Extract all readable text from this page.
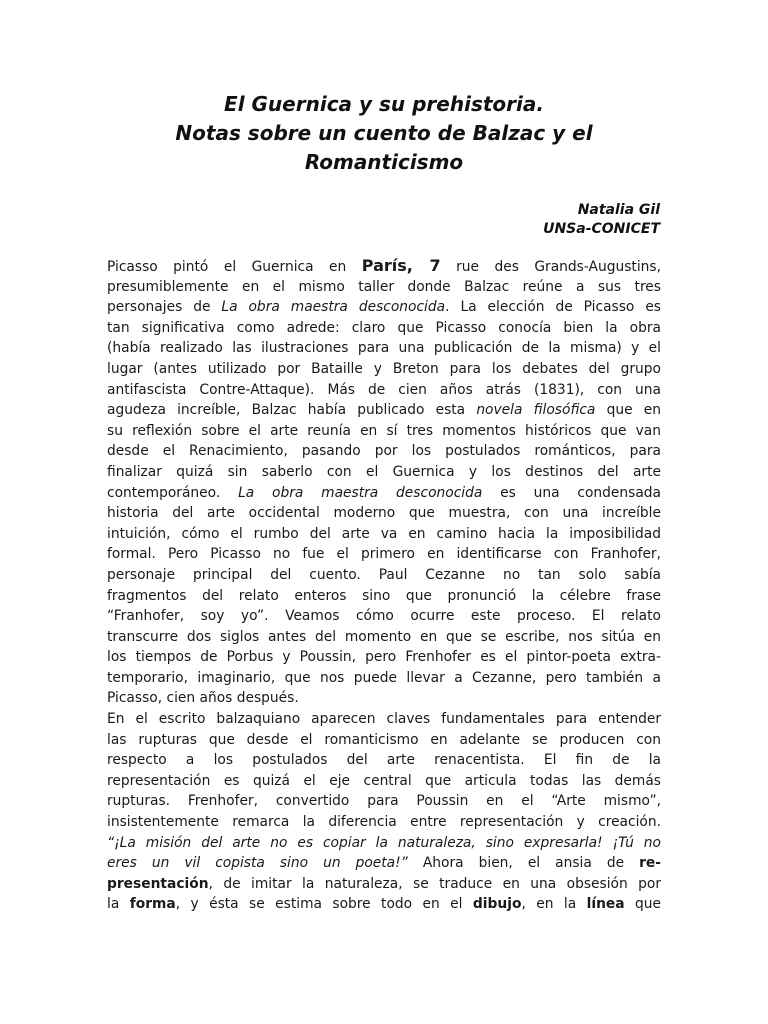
El Guernica y su prehistoria.
Notas sobre un cuento de Balzac y el
Romanticismo
Natalia Gil
UNSa-CONICET
Picasso pintó el Guernica en París, 7 rue des Grands-Augustins,
presumiblemente en el mismo taller donde Balzac reúne a sus tres
personajes de La obra maestra desconocida. La elección de Picasso es
tan significativa como adrede: claro que Picasso conocía bien la obra
(había realizado las ilustraciones para una publicación de la misma) y el
lugar (antes utilizado por Bataille y Breton para los debates del grupo
antifascista Contre-Attaque). Más de cien años atrás (1831), con una
agudeza increíble, Balzac había publicado esta novela filosófica que en
su reflexión sobre el arte reunía en sí tres momentos históricos que van
desde el Renacimiento, pasando por los postulados románticos, para
finalizar quizá sin saberlo con el Guernica y los destinos del arte
contemporáneo. La obra maestra desconocida es una condensada
historia del arte occidental moderno que muestra, con una increíble
intuición, cómo el rumbo del arte va en camino hacia la imposibilidad
formal. Pero Picasso no fue el primero en identificarse con Franhofer,
personaje principal del cuento. Paul Cezanne no tan solo sabía
fragmentos del relato enteros sino que pronunció la célebre frase
“Franhofer, soy yo”. Veamos cómo ocurre este proceso. El relato
transcurre dos siglos antes del momento en que se escribe, nos sitúa en
los tiempos de Porbus y Poussin, pero Frenhofer es el pintor-poeta extra-
temporario, imaginario, que nos puede llevar a Cezanne, pero también a
Picasso, cien años después.
En el escrito balzaquiano aparecen claves fundamentales para entender
las rupturas que desde el romanticismo en adelante se producen con
respecto a los postulados del arte renacentista. El fin de la
representación es quizá el eje central que articula todas las demás
rupturas. Frenhofer, convertido para Poussin en el “Arte mismo”,
insistentemente remarca la diferencia entre representación y creación.
“¡La misión del arte no es copiar la naturaleza, sino expresarla! ¡Tú no
eres un vil copista sino un poeta!” Ahora bien, el ansia de re-
presentación, de imitar la naturaleza, se traduce en una obsesión por
la forma, y ésta se estima sobre todo en el dibujo, en la línea que
